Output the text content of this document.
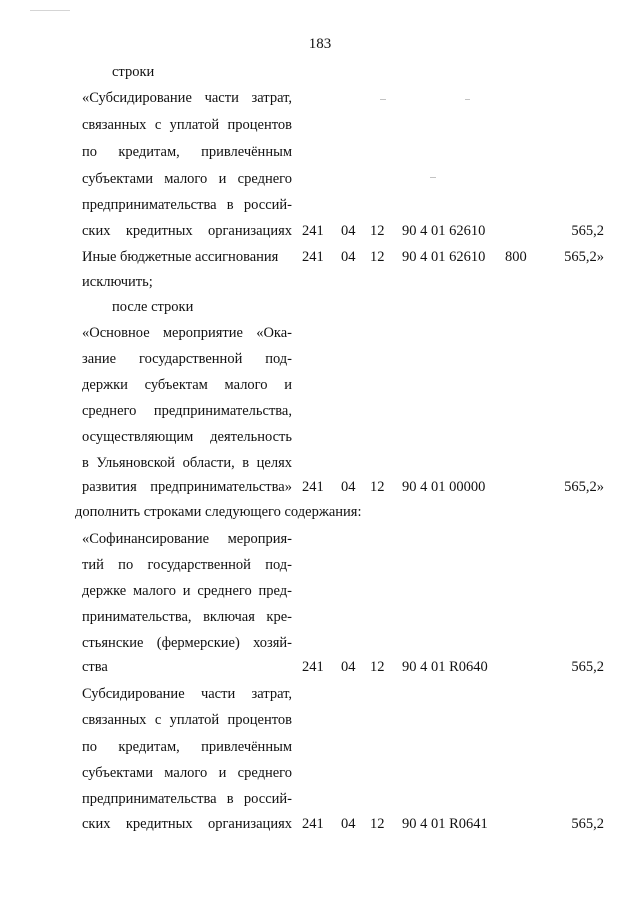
183
строки
«Субсидирование части затрат,
связанных с уплатой процентов
по кредитам, привлечённым
субъектами малого и среднего
предпринимательства в россий-
ских кредитных организациях 241 04 12 90 4 01 62610	565,2
Иные бюджетные ассигнования 241 04 12 90 4 01 62610 800	565,2»
исключить;
после строки
«Основное мероприятие «Ока-
зание государственной под-
держки субъектам малого и
среднего предпринимательства,
осуществляющим деятельность
в Ульяновской области, в целях
развития предпринимательства» 241 04 12 90 4 01 00000	565,2»
дополнить строками следующего содержания:
«Софинансирование мероприя-
тий по государственной под-
держке малого и среднего пред-
принимательства, включая кре-
стьянские (фермерские) хозяй-
ства	241 04 12 90 4 01 R0640	565,2
Субсидирование части затрат,
связанных с уплатой процентов
по кредитам, привлечённым
субъектами малого и среднего
предпринимательства в россий-
ских кредитных организациях 241 04 12 90 4 01 R0641	565,2
